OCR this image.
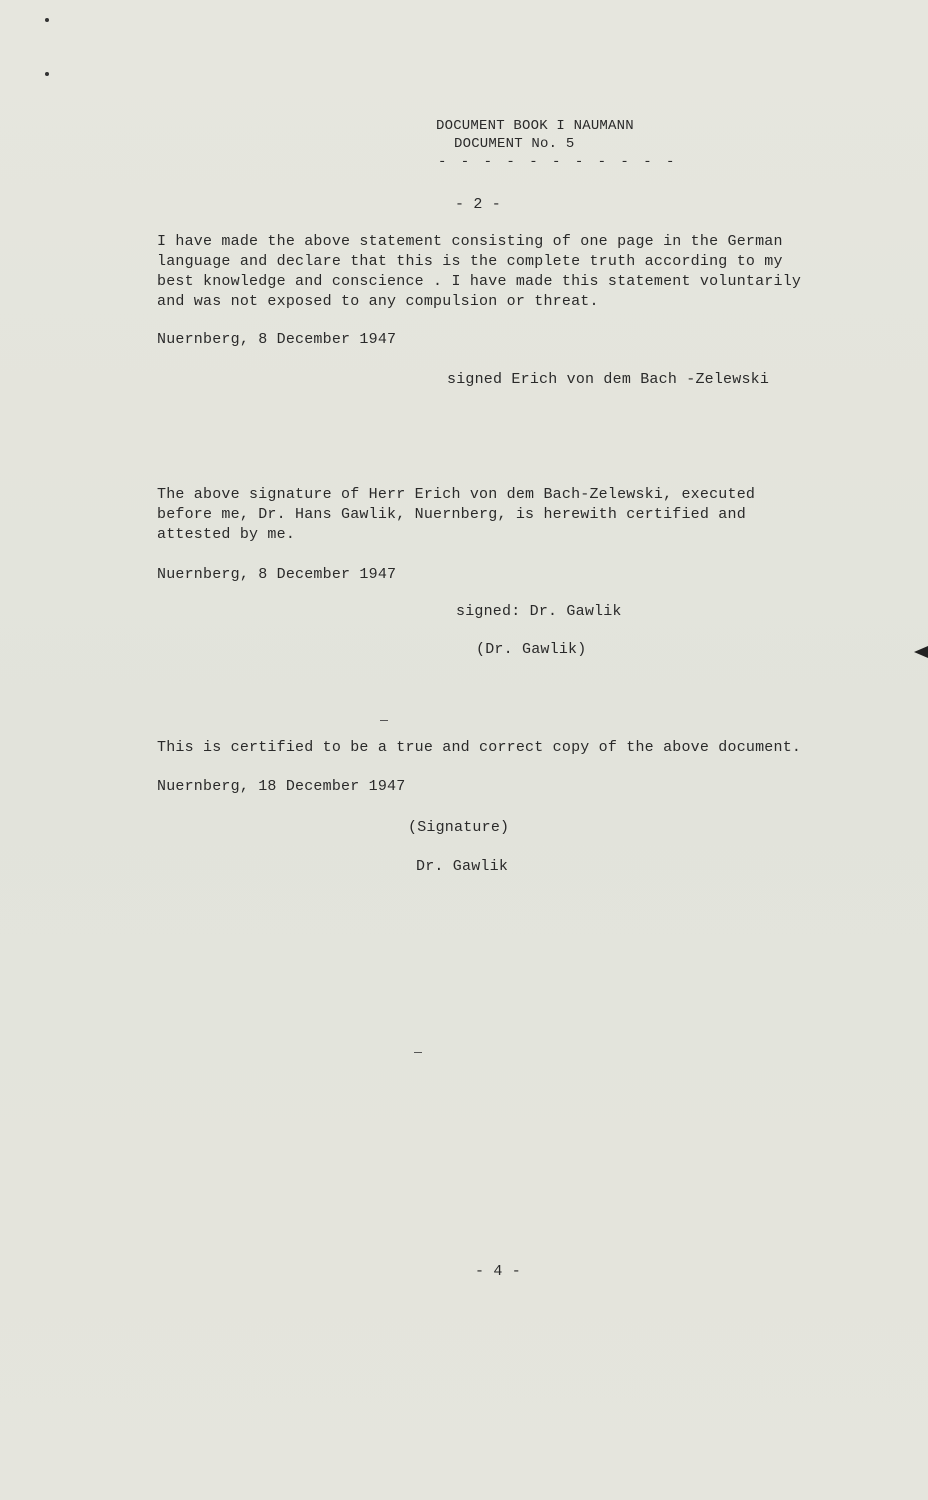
DOCUMENT BOOK I NAUMANN
DOCUMENT No. 5
- - - - - - - - - - -
- 2 -
I have made the above statement consisting of one page in the German
language and declare that this is the complete truth according to my
best knowledge and conscience . I have made this statement voluntarily
and was not exposed to any compulsion or threat.
Nuernberg, 8 December 1947
signed Erich von dem Bach -Zelewski
The above signature of Herr Erich von dem Bach-Zelewski, executed
before me, Dr. Hans Gawlik, Nuernberg, is herewith certified and
attested by me.
Nuernberg, 8 December 1947
signed: Dr. Gawlik
(Dr. Gawlik)
This is certified to be a true and correct copy of the above document.
Nuernberg, 18 December 1947
(Signature)
Dr. Gawlik
- 4 -
